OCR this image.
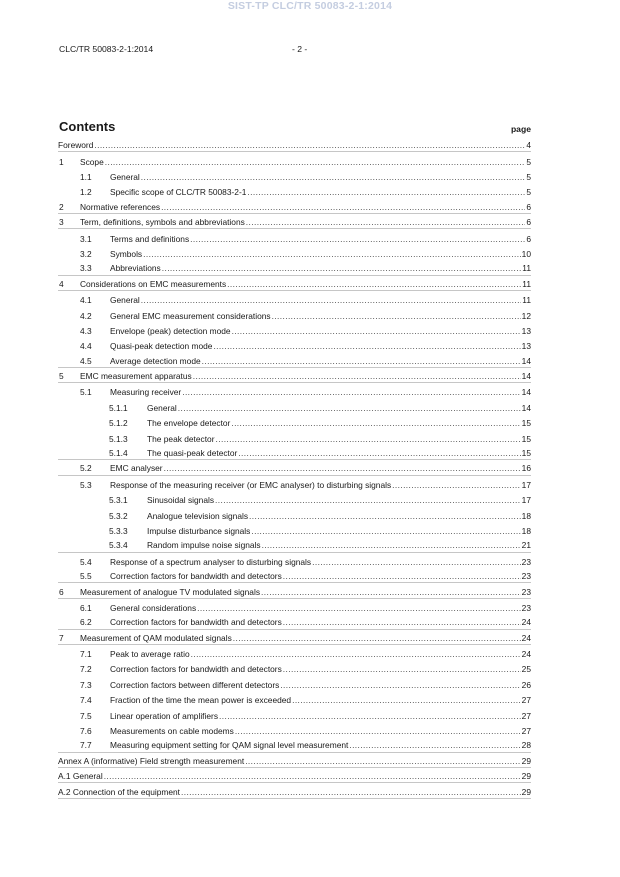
SIST-TP CLC/TR 50083-2-1:2014
CLC/TR 50083-2-1:2014	- 2 -
Contents	page
Foreword .....	4
1	Scope .....	5
1.1	General .....	5
1.2	Specific scope of CLC/TR 50083-2-1 .....	5
2	Normative references .....	6
3	Term, definitions, symbols and abbreviations .....	6
3.1	Terms and definitions .....	6
3.2	Symbols .....	10
3.3	Abbreviations .....	11
4	Considerations on EMC measurements .....	11
4.1	General .....	11
4.2	General EMC measurement considerations .....	12
4.3	Envelope (peak) detection mode .....	13
4.4	Quasi-peak detection mode .....	13
4.5	Average detection mode .....	14
5	EMC measurement apparatus .....	14
5.1	Measuring receiver .....	14
5.1.1	General .....	14
5.1.2	The envelope detector .....	15
5.1.3	The peak detector .....	15
5.1.4	The quasi-peak detector .....	15
5.2	EMC analyser .....	16
5.3	Response of the measuring receiver (or EMC analyser) to disturbing signals .....	17
5.3.1	Sinusoidal signals .....	17
5.3.2	Analogue television signals .....	18
5.3.3	Impulse disturbance signals .....	18
5.3.4	Random impulse noise signals .....	21
5.4	Response of a spectrum analyser to disturbing signals .....	23
5.5	Correction factors for bandwidth and detectors .....	23
6	Measurement of analogue TV modulated signals .....	23
6.1	General considerations .....	23
6.2	Correction factors for bandwidth and detectors .....	24
7	Measurement of QAM modulated signals .....	24
7.1	Peak to average ratio .....	24
7.2	Correction factors for bandwidth and detectors .....	25
7.3	Correction factors between different detectors .....	26
7.4	Fraction of the time the mean power is exceeded .....	27
7.5	Linear operation of amplifiers .....	27
7.6	Measurements on cable modems .....	27
7.7	Measuring equipment setting for QAM signal level measurement .....	28
Annex A (informative) Field strength measurement .....	29
A.1 General .....	29
A.2 Connection of the equipment .....	29
